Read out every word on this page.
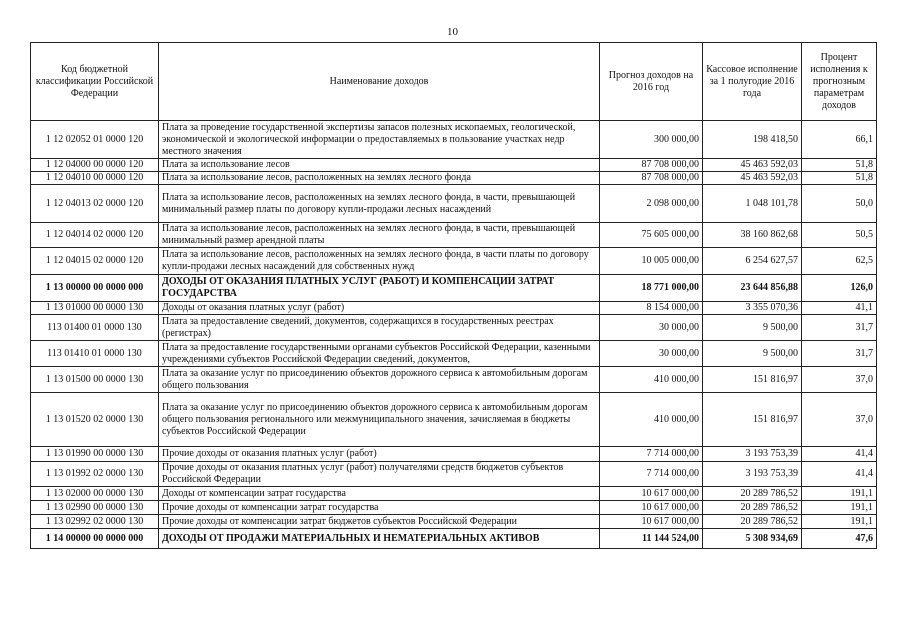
10
Код бюджетной классификации Российской Федерации	Наименование доходов	Прогноз доходов на 2016 год	Кассовое исполнение за 1 полугодие 2016 года	Процент исполнения к прогнозным параметрам доходов
1 12 02052 01 0000 120	Плата за проведение государственной экспертизы запасов полезных ископаемых, геологической, экономической и экологической информации о предоставляемых в пользование участках недр местного значения	300 000,00	198 418,50	66,1
1 12 04000 00 0000 120	Плата за использование лесов	87 708 000,00	45 463 592,03	51,8
1 12 04010 00 0000 120	Плата за использование лесов, расположенных на землях лесного фонда	87 708 000,00	45 463 592,03	51,8
1 12 04013 02 0000 120	Плата за использование лесов, расположенных на землях лесного фонда, в части, превышающей минимальный размер платы по договору купли-продажи лесных насаждений	2 098 000,00	1 048 101,78	50,0
1 12 04014 02 0000 120	Плата за использование лесов, расположенных на землях лесного фонда, в части, превышающей минимальный размер арендной платы	75 605 000,00	38 160 862,68	50,5
1 12 04015 02 0000 120	Плата за использование лесов, расположенных на землях лесного фонда, в части платы по договору купли-продажи лесных насаждений для собственных нужд	10 005 000,00	6 254 627,57	62,5
1 13 00000 00 0000 000	ДОХОДЫ ОТ ОКАЗАНИЯ ПЛАТНЫХ УСЛУГ (РАБОТ) И КОМПЕНСАЦИИ ЗАТРАТ ГОСУДАРСТВА	18 771 000,00	23 644 856,88	126,0
1 13 01000 00 0000 130	Доходы от оказания платных услуг (работ)	8 154 000,00	3 355 070,36	41,1
113 01400 01 0000 130	Плата за предоставление сведений, документов, содержащихся в государственных реестрах (регистрах)	30 000,00	9 500,00	31,7
113 01410 01 0000 130	Плата за предоставление государственными органами субъектов Российской Федерации, казенными учреждениями субъектов Российской Федерации сведений, документов,	30 000,00	9 500,00	31,7
1 13 01500 00 0000 130	Плата за оказание услуг по присоединению объектов дорожного сервиса к автомобильным дорогам общего пользования	410 000,00	151 816,97	37,0
1 13 01520 02 0000 130	Плата за оказание услуг по присоединению объектов дорожного сервиса к автомобильным дорогам общего пользования регионального или межмуниципального значения, зачисляемая в бюджеты субъектов Российской Федерации	410 000,00	151 816,97	37,0
1 13 01990 00 0000 130	Прочие доходы от оказания платных услуг (работ)	7 714 000,00	3 193 753,39	41,4
1 13 01992 02 0000 130	Прочие доходы от оказания платных услуг (работ) получателями средств бюджетов субъектов Российской Федерации	7 714 000,00	3 193 753,39	41,4
1 13 02000 00 0000 130	Доходы от компенсации затрат государства	10 617 000,00	20 289 786,52	191,1
1 13 02990 00 0000 130	Прочие доходы от компенсации затрат государства	10 617 000,00	20 289 786,52	191,1
1 13 02992 02 0000 130	Прочие доходы от компенсации затрат бюджетов субъектов Российской Федерации	10 617 000,00	20 289 786,52	191,1
1 14 00000 00 0000 000	ДОХОДЫ ОТ ПРОДАЖИ МАТЕРИАЛЬНЫХ И НЕМАТЕРИАЛЬНЫХ АКТИВОВ	11 144 524,00	5 308 934,69	47,6
